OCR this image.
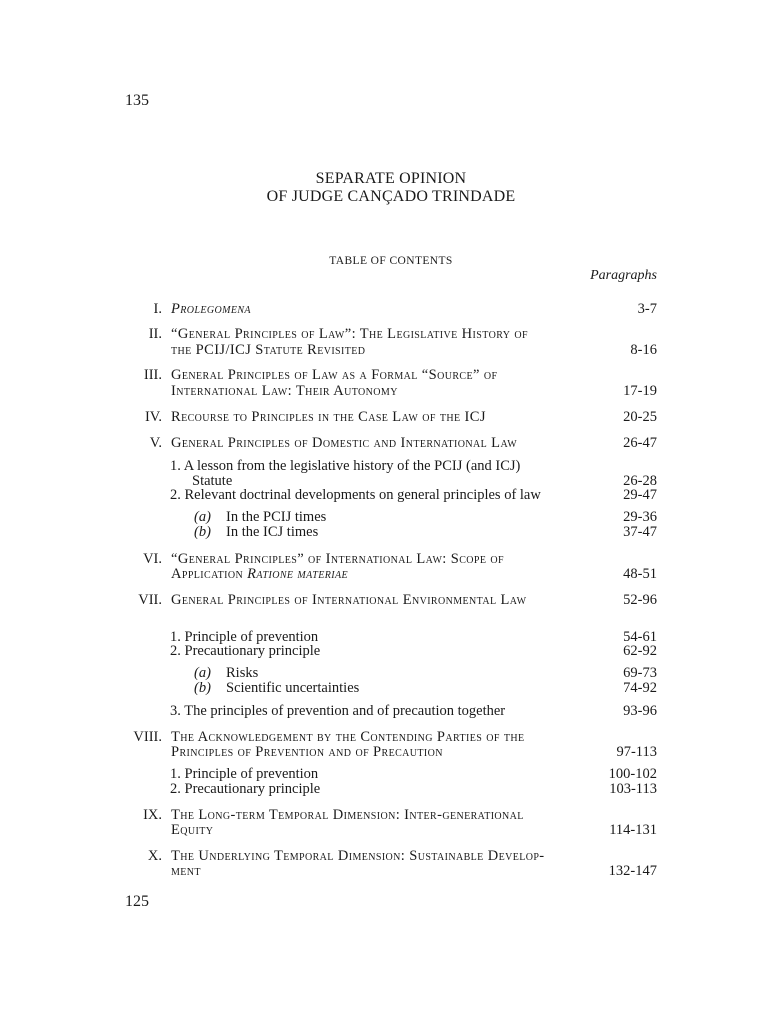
135
125
SEPARATE OPINION
OF JUDGE CANÇADO TRINDADE
TABLE OF CONTENTS
Paragraphs
I. Prolegomena	3-7
II. “General Principles of Law”: The Legislative History of
the PCIJ/ICJ Statute Revisited	8-16
III. General Principles of Law as a Formal “Source” of
International Law: Their Autonomy	17-19
IV. Recourse to Principles in the Case Law of the ICJ	20-25
V. General Principles of Domestic and International Law	26-47
1. A lesson from the legislative history of the PCIJ (and ICJ)
Statute	26-28
2. Relevant doctrinal developments on general principles of law	29-47
(a) In the PCIJ times	29-36
(b) In the ICJ times	37-47
VI. “General Principles” of International Law: Scope of
Application Ratione materiae	48-51
VII. General Principles of International Environmental Law	52-96
1. Principle of prevention	54-61
2. Precautionary principle	62-92
(a) Risks	69-73
(b) Scientific uncertainties	74-92
3. The principles of prevention and of precaution together	93-96
VIII. The Acknowledgement by the Contending Parties of the
Principles of Prevention and of Precaution	97-113
1. Principle of prevention	100-102
2. Precautionary principle	103-113
IX. The Long-term Temporal Dimension: Inter-generational
Equity	114-131
X. The Underlying Temporal Dimension: Sustainable Develop-
ment	132-147
